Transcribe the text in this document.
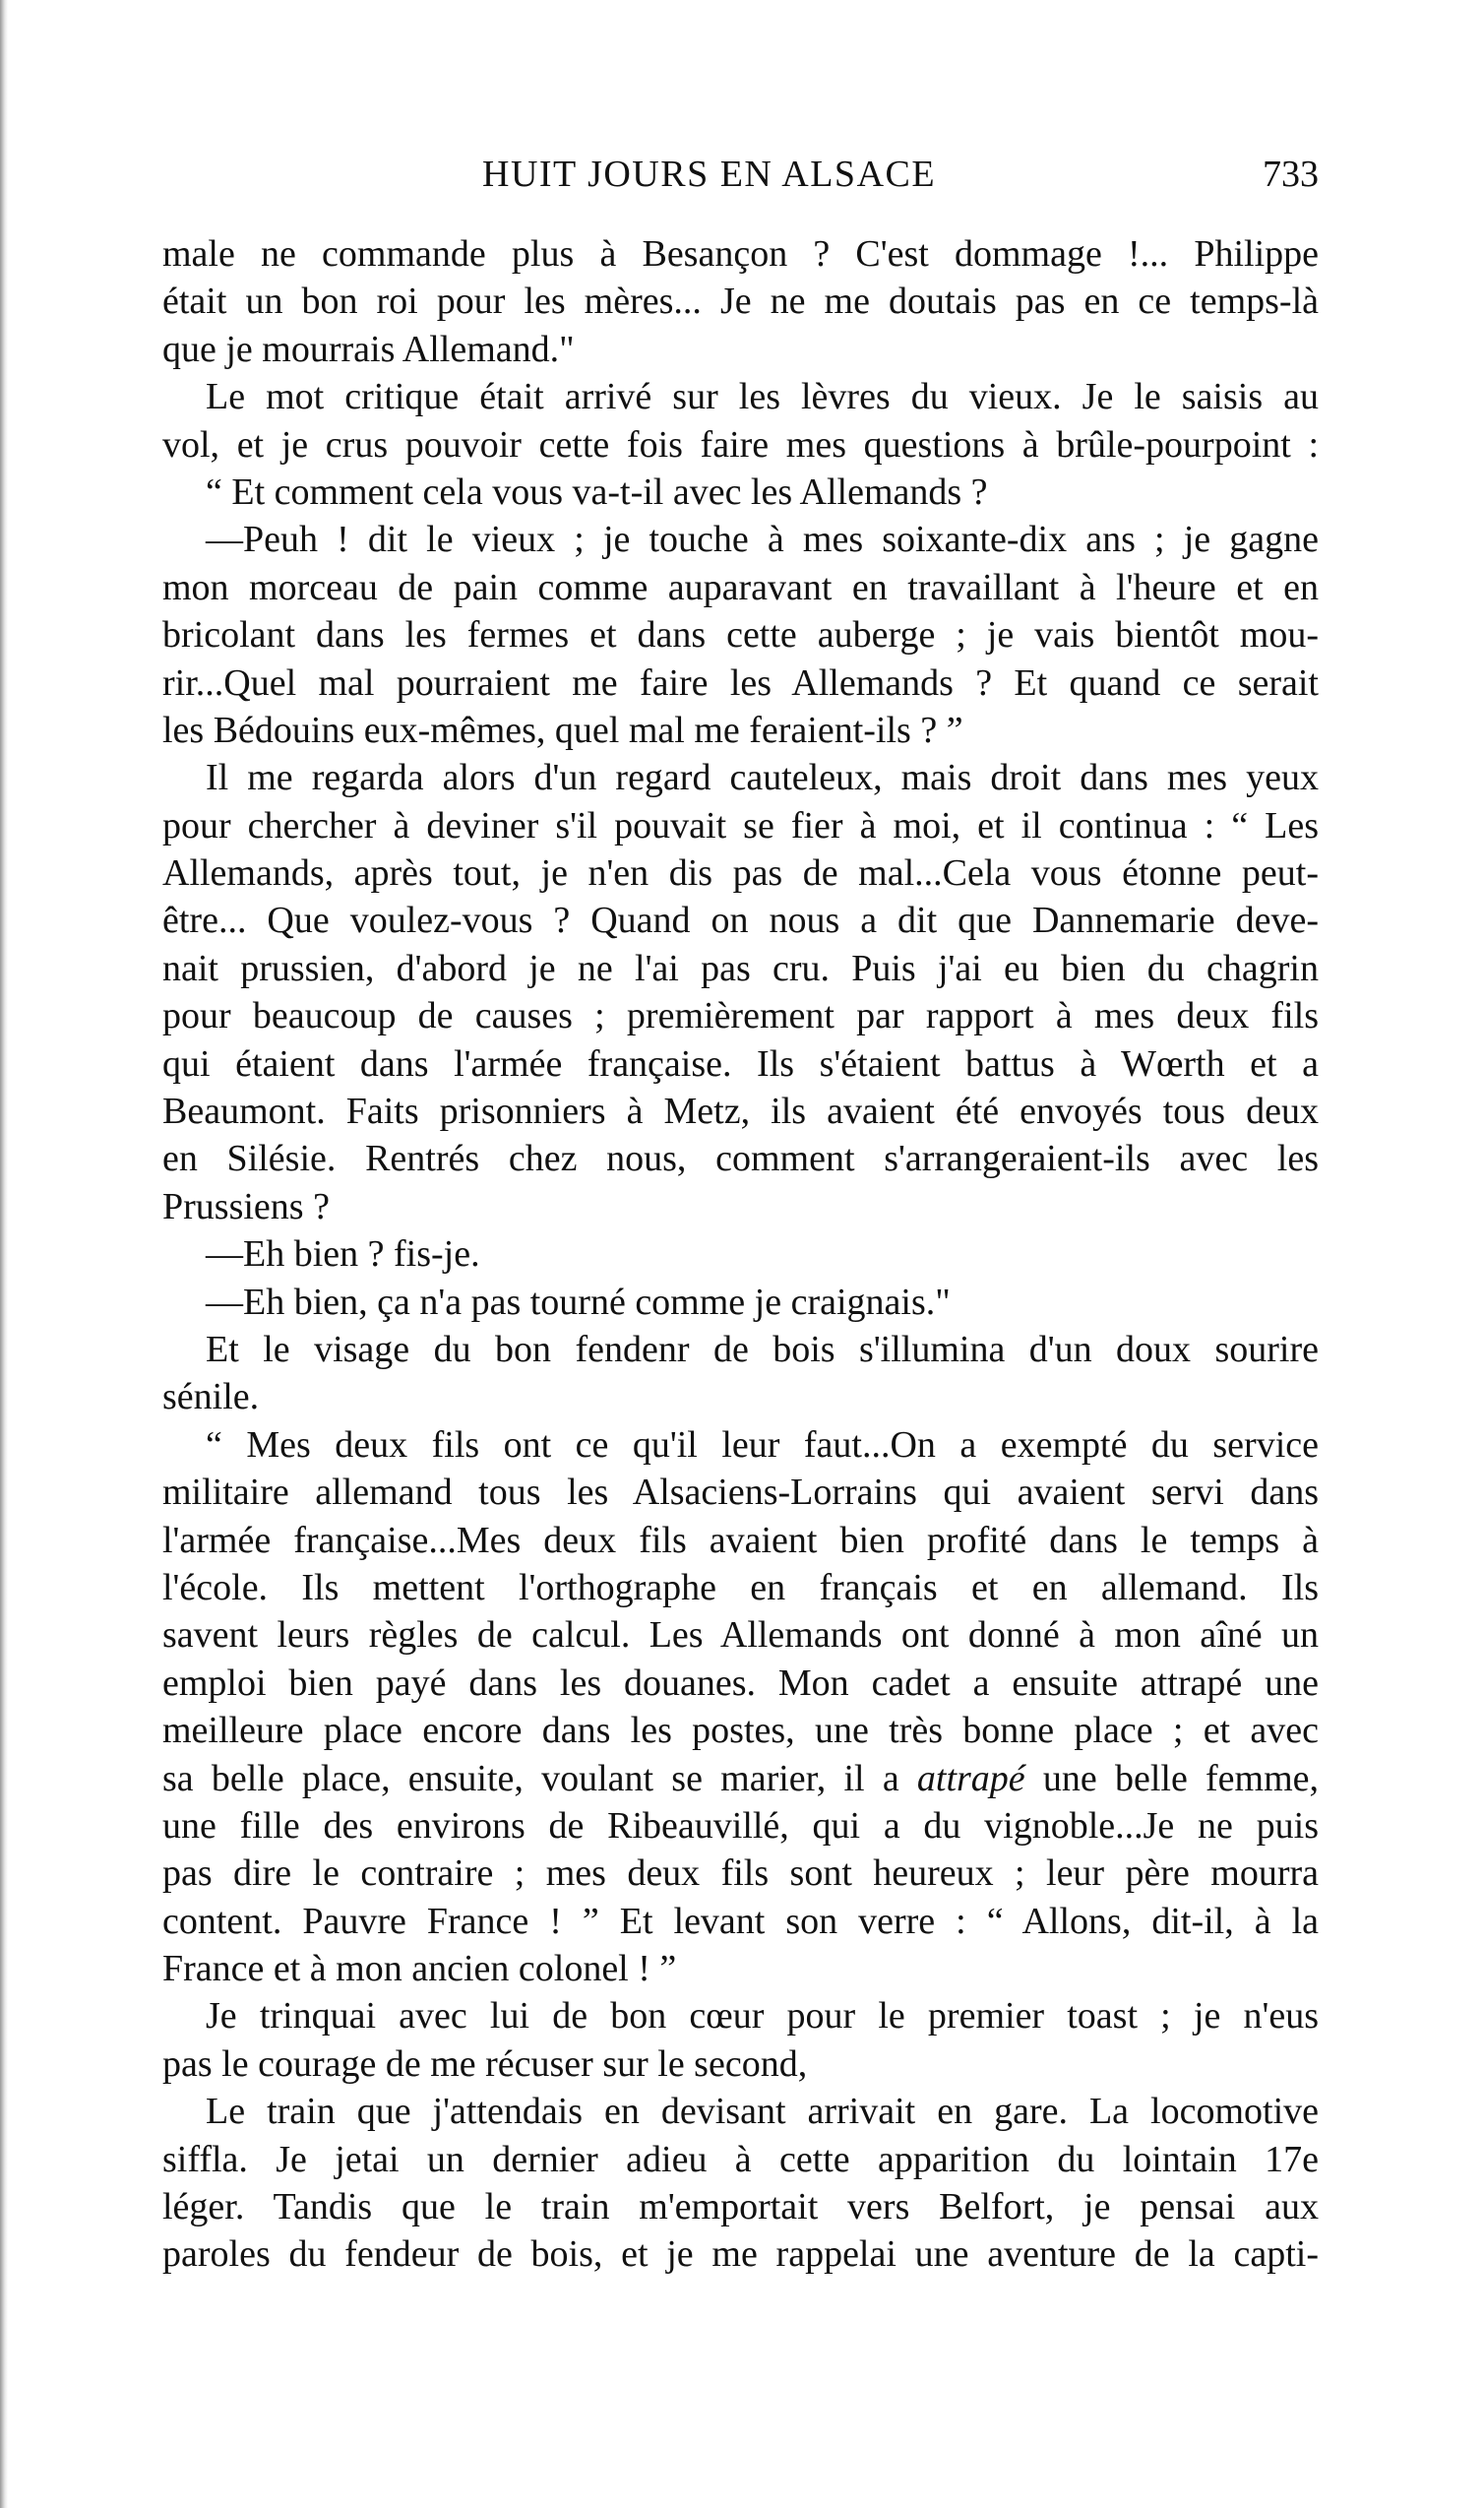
HUIT JOURS EN ALSACE	733
male ne commande plus à Besançon ? C'est dommage !... Philippe
était un bon roi pour les mères... Je ne me doutais pas en ce temps-là
que je mourrais Allemand."
Le mot critique était arrivé sur les lèvres du vieux. Je le saisis au
vol, et je crus pouvoir cette fois faire mes questions à brûle-pourpoint :
“ Et comment cela vous va-t-il avec les Allemands ?
—Peuh ! dit le vieux ; je touche à mes soixante-dix ans ; je gagne
mon morceau de pain comme auparavant en travaillant à l'heure et en
bricolant dans les fermes et dans cette auberge ; je vais bientôt mou-
rir...Quel mal pourraient me faire les Allemands ? Et quand ce serait
les Bédouins eux-mêmes, quel mal me feraient-ils ? ”
Il me regarda alors d'un regard cauteleux, mais droit dans mes yeux
pour chercher à deviner s'il pouvait se fier à moi, et il continua : “ Les
Allemands, après tout, je n'en dis pas de mal...Cela vous étonne peut-
être... Que voulez-vous ? Quand on nous a dit que Dannemarie deve-
nait prussien, d'abord je ne l'ai pas cru. Puis j'ai eu bien du chagrin
pour beaucoup de causes ; premièrement par rapport à mes deux fils
qui étaient dans l'armée française. Ils s'étaient battus à Wœrth et a
Beaumont. Faits prisonniers à Metz, ils avaient été envoyés tous deux
en Silésie. Rentrés chez nous, comment s'arrangeraient-ils avec les
Prussiens ?
—Eh bien ? fis-je.
—Eh bien, ça n'a pas tourné comme je craignais."
Et le visage du bon fendenr de bois s'illumina d'un doux sourire
sénile.
“ Mes deux fils ont ce qu'il leur faut...On a exempté du service
militaire allemand tous les Alsaciens-Lorrains qui avaient servi dans
l'armée française...Mes deux fils avaient bien profité dans le temps à
l'école. Ils mettent l'orthographe en français et en allemand. Ils
savent leurs règles de calcul. Les Allemands ont donné à mon aîné un
emploi bien payé dans les douanes. Mon cadet a ensuite attrapé une
meilleure place encore dans les postes, une très bonne place ; et avec
sa belle place, ensuite, voulant se marier, il a attrapé une belle femme,
une fille des environs de Ribeauvillé, qui a du vignoble...Je ne puis
pas dire le contraire ; mes deux fils sont heureux ; leur père mourra
content. Pauvre France ! ” Et levant son verre : “ Allons, dit-il, à la
France et à mon ancien colonel ! ”
Je trinquai avec lui de bon cœur pour le premier toast ; je n'eus
pas le courage de me récuser sur le second,
Le train que j'attendais en devisant arrivait en gare. La locomotive
siffla. Je jetai un dernier adieu à cette apparition du lointain 17e
léger. Tandis que le train m'emportait vers Belfort, je pensai aux
paroles du fendeur de bois, et je me rappelai une aventure de la capti-
